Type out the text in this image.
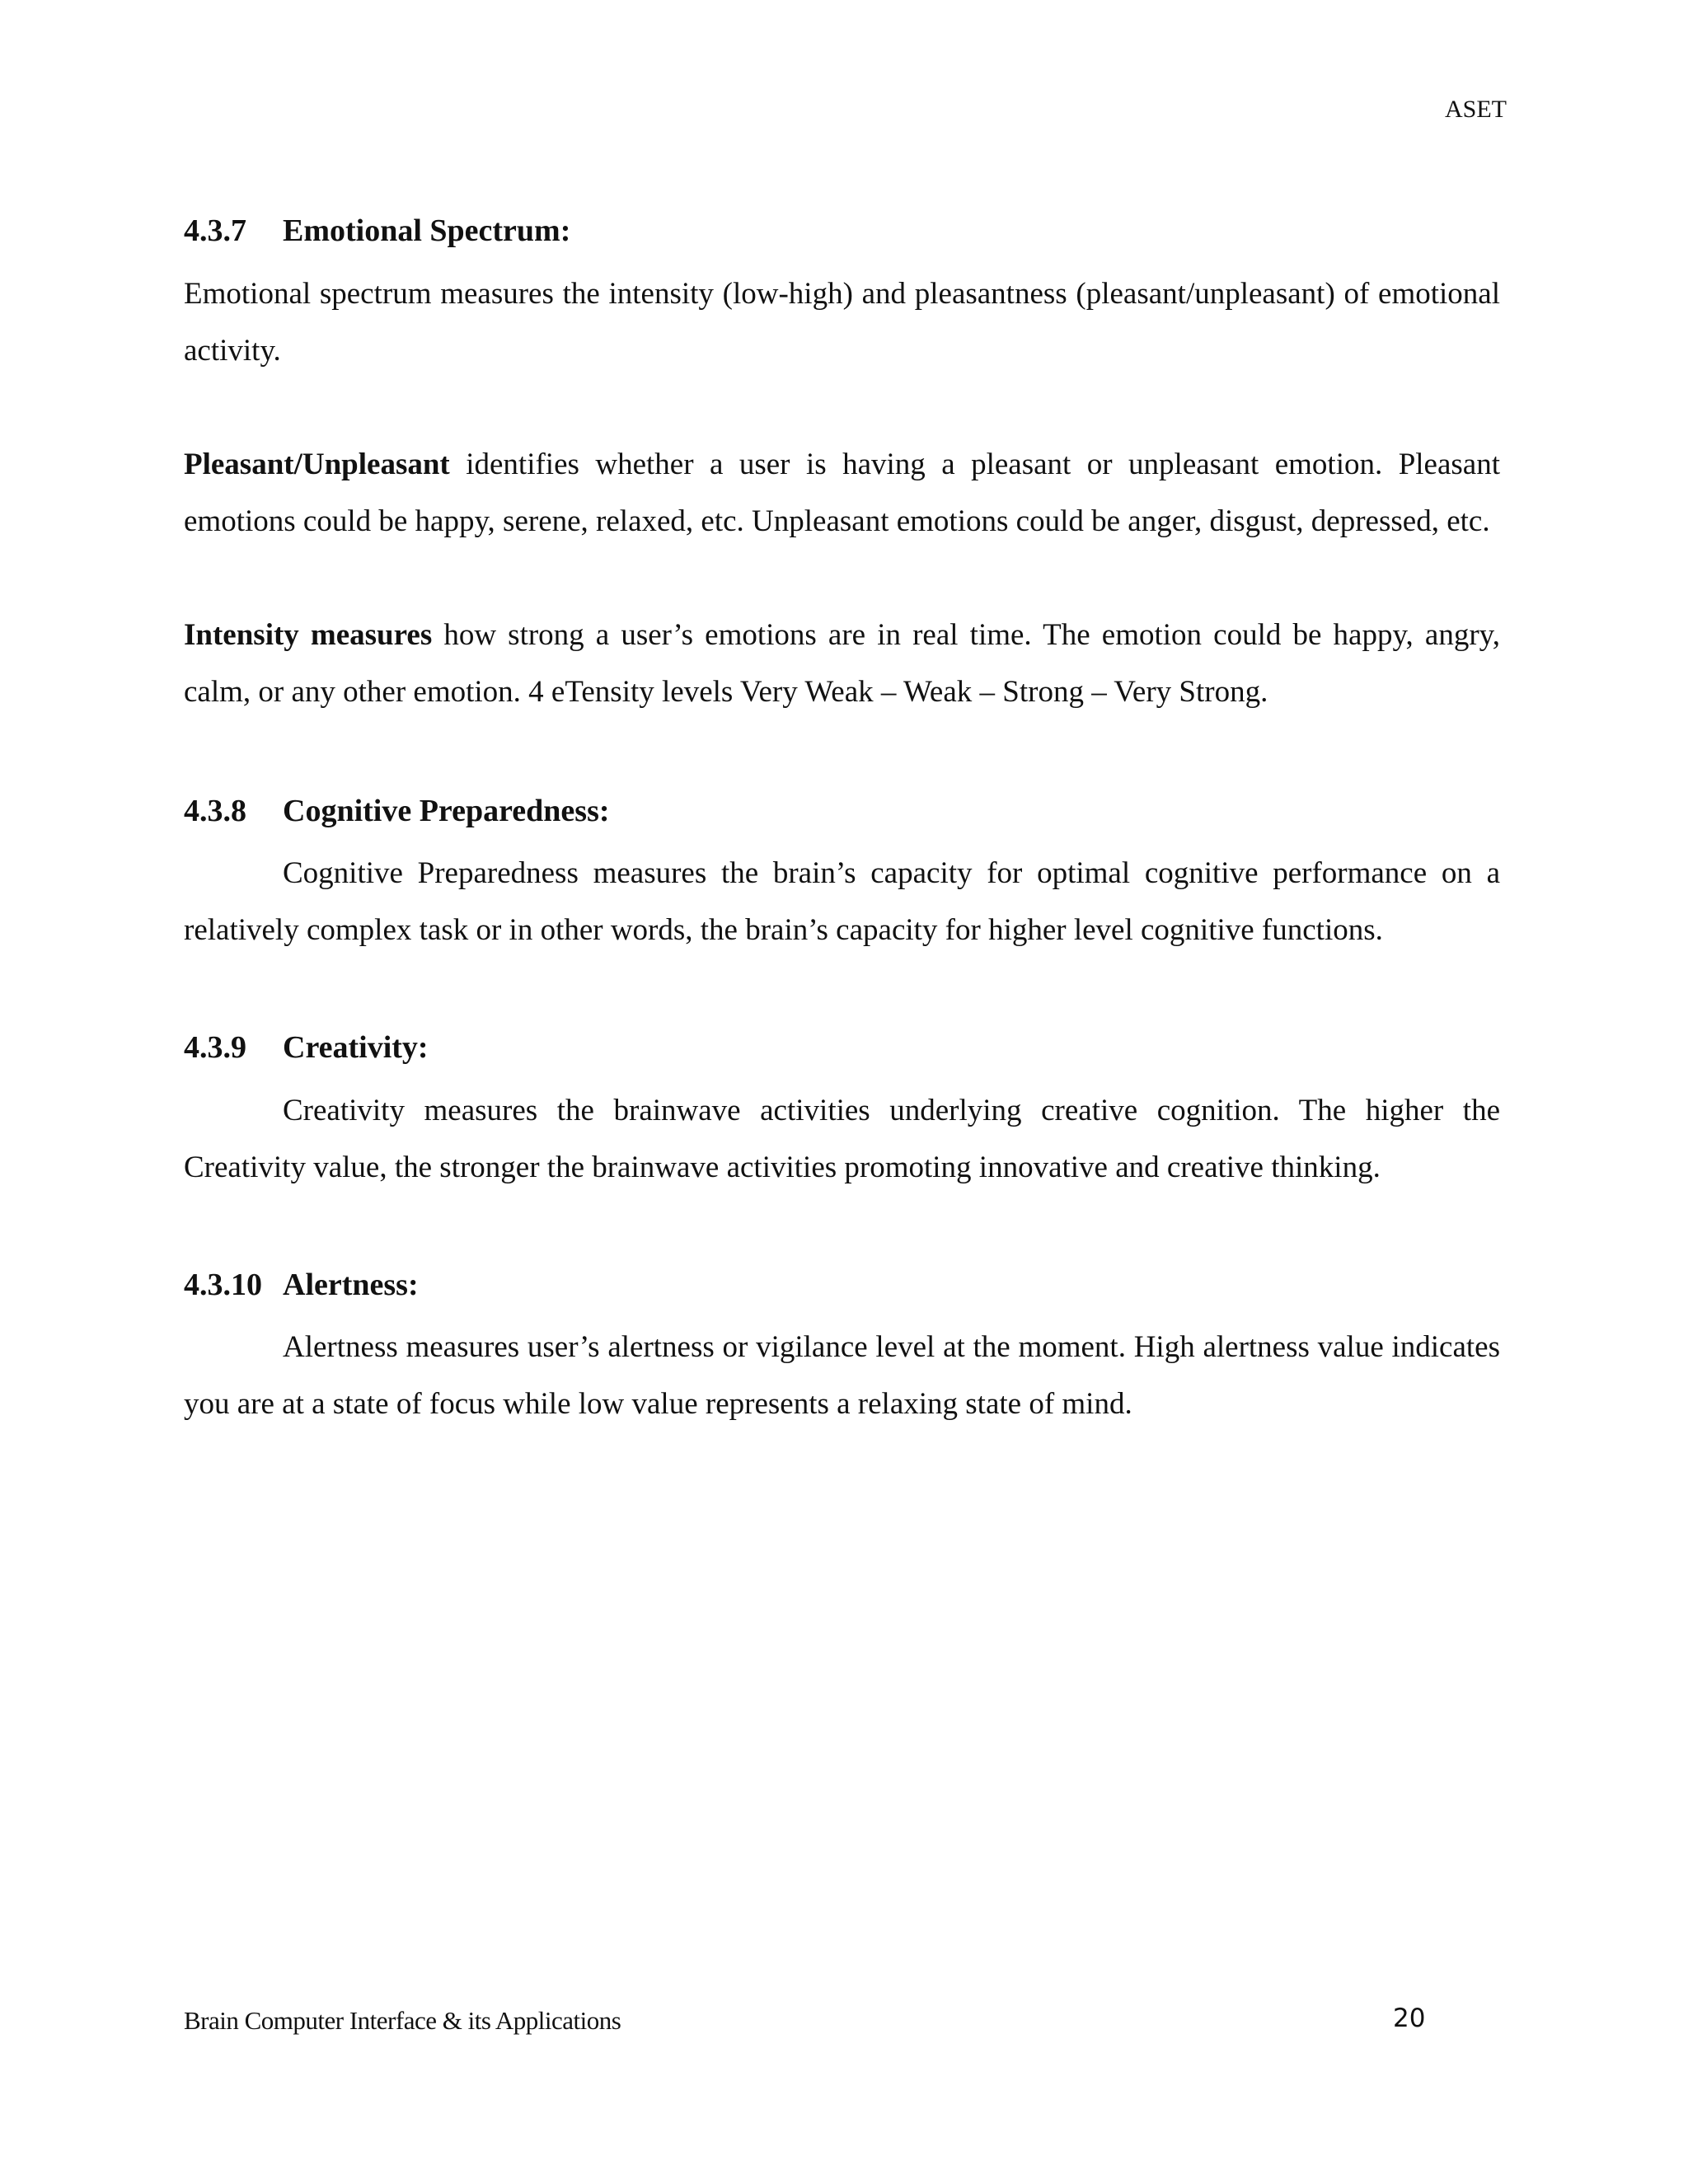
ASET
4.3.7	Emotional Spectrum:

Emotional spectrum measures the intensity (low-high) and pleasantness (pleasant/unpleasant) of emotional activity.

Pleasant/Unpleasant identifies whether a user is having a pleasant or unpleasant emotion. Pleasant emotions could be happy, serene, relaxed, etc. Unpleasant emotions could be anger, disgust, depressed, etc.

Intensity measures how strong a user’s emotions are in real time. The emotion could be happy, angry, calm, or any other emotion. 4 eTensity levels Very Weak – Weak – Strong – Very Strong.

4.3.8	Cognitive Preparedness:

Cognitive Preparedness measures the brain’s capacity for optimal cognitive performance on a relatively complex task or in other words, the brain’s capacity for higher level cognitive functions.

4.3.9	Creativity:

Creativity measures the brainwave activities underlying creative cognition. The higher the Creativity value, the stronger the brainwave activities promoting innovative and creative thinking.

4.3.10 Alertness:

Alertness measures user’s alertness or vigilance level at the moment. High alertness value indicates you are at a state of focus while low value represents a relaxing state of mind.

Brain Computer Interface & its Applications	20
